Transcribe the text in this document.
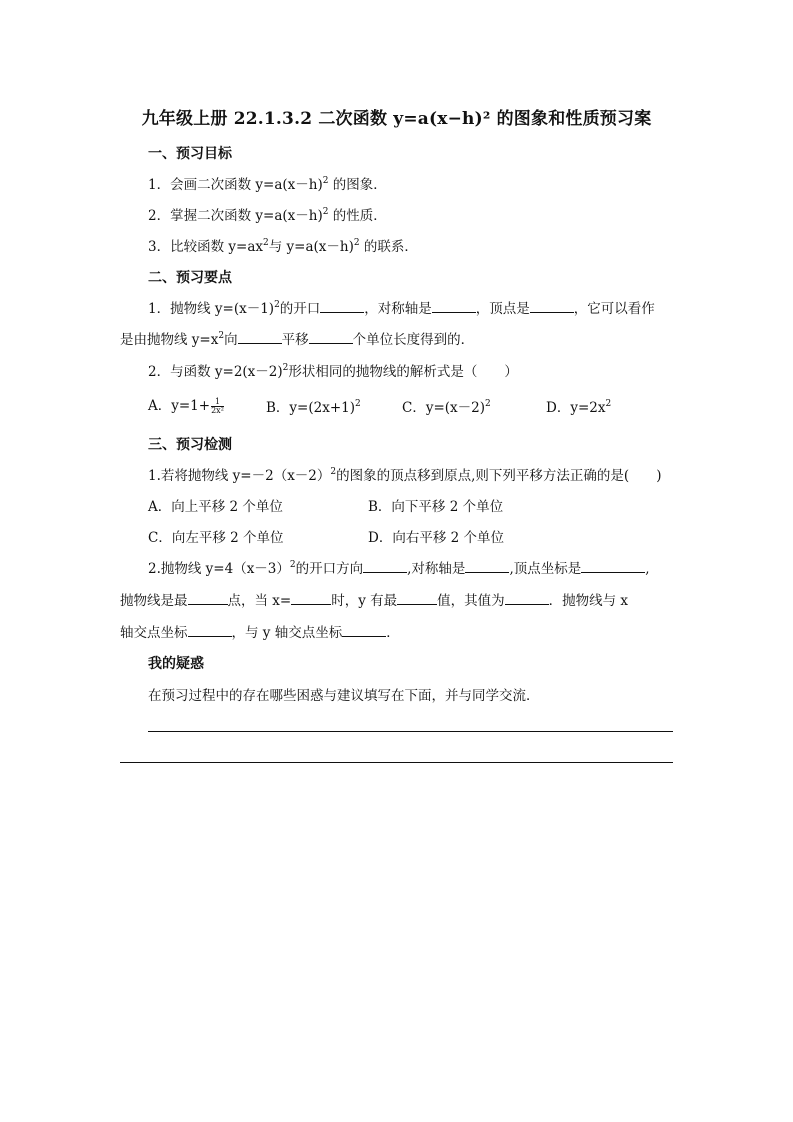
九年级上册 22.1.3.2 二次函数 y=a(x−h)² 的图象和性质预习案
一、预习目标
1．会画二次函数 $y=a(x-h)^2$ 的图象．
2．掌握二次函数 $y=a(x-h)^2$ 的性质．
3．比较函数 $y=ax^2$与 $y=a(x-h)^2$ 的联系．
二、预习要点
1．抛物线 $y=(x-1)^2$的开口	，对称轴是	，顶点是	，它可以看作
是由抛物线 $y=x^2$向	平移	个单位长度得到的．
2．与函数 $y=2(x-2)^2$形状相同的抛物线的解析式是（　　）
A．$y=1+ \frac{1}{\text{2x²}}$	B．$y=(2x+1)^2$	C．$y=(x-2)^2$	D．$y=2x^2$
三、预习检测
1.若将抛物线 $y=-2(x-2)^2$的图象的顶点移到原点,则下列平移方法正确的是(　　)
A．向上平移 2 个单位	B．向下平移 2 个单位
C．向左平移 2 个单位	D．向右平移 2 个单位
2.抛物线 $y=4(x-3)^2$的开口方向	,对称轴是	,顶点坐标是	,
抛物线是最	点，当 x=	时，y 有最	值，其值为	．抛物线与 x
轴交点坐标	，与 y 轴交点坐标	．
我的疑惑
在预习过程中的存在哪些困惑与建议填写在下面，并与同学交流．
